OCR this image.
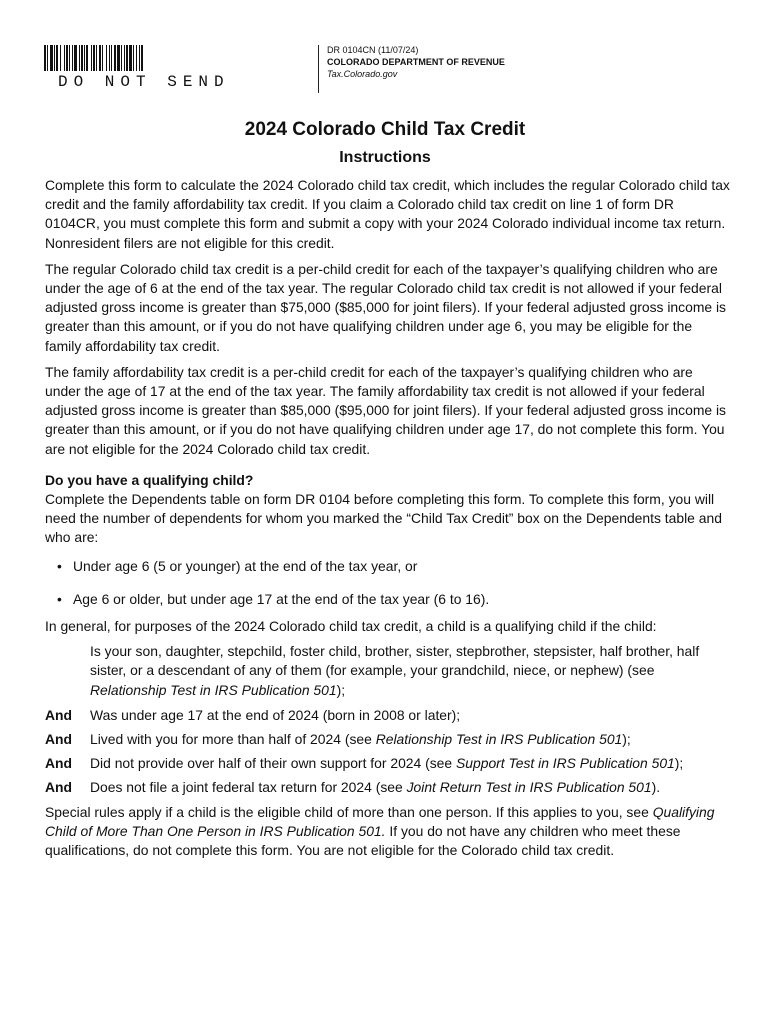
DO NOT SEND
DR 0104CN (11/07/24)
COLORADO DEPARTMENT OF REVENUE
Tax.Colorado.gov
2024 Colorado Child Tax Credit
Instructions

Complete this form to calculate the 2024 Colorado child tax credit, which includes the regular Colorado child tax credit and the family affordability tax credit. If you claim a Colorado child tax credit on line 1 of form DR 0104CR, you must complete this form and submit a copy with your 2024 Colorado individual income tax return. Nonresident filers are not eligible for this credit.

The regular Colorado child tax credit is a per-child credit for each of the taxpayer’s qualifying children who are under the age of 6 at the end of the tax year. The regular Colorado child tax credit is not allowed if your federal adjusted gross income is greater than $75,000 ($85,000 for joint filers). If your federal adjusted gross income is greater than this amount, or if you do not have qualifying children under age 6, you may be eligible for the family affordability tax credit.

The family affordability tax credit is a per-child credit for each of the taxpayer’s qualifying children who are under the age of 17 at the end of the tax year. The family affordability tax credit is not allowed if your federal adjusted gross income is greater than $85,000 ($95,000 for joint filers). If your federal adjusted gross income is greater than this amount, or if you do not have qualifying children under age 17, do not complete this form. You are not eligible for the 2024 Colorado child tax credit.

Do you have a qualifying child?
Complete the Dependents table on form DR 0104 before completing this form. To complete this form, you will need the number of dependents for whom you marked the “Child Tax Credit” box on the Dependents table and who are:
• Under age 6 (5 or younger) at the end of the tax year, or
• Age 6 or older, but under age 17 at the end of the tax year (6 to 16).
In general, for purposes of the 2024 Colorado child tax credit, a child is a qualifying child if the child:
Is your son, daughter, stepchild, foster child, brother, sister, stepbrother, stepsister, half brother, half sister, or a descendant of any of them (for example, your grandchild, niece, or nephew) (see Relationship Test in IRS Publication 501);
And	Was under age 17 at the end of 2024 (born in 2008 or later);
And	Lived with you for more than half of 2024 (see Relationship Test in IRS Publication 501);
And	Did not provide over half of their own support for 2024 (see Support Test in IRS Publication 501);
And	Does not file a joint federal tax return for 2024 (see Joint Return Test in IRS Publication 501).

Special rules apply if a child is the eligible child of more than one person. If this applies to you, see Qualifying Child of More Than One Person in IRS Publication 501. If you do not have any children who meet these qualifications, do not complete this form. You are not eligible for the Colorado child tax credit.
